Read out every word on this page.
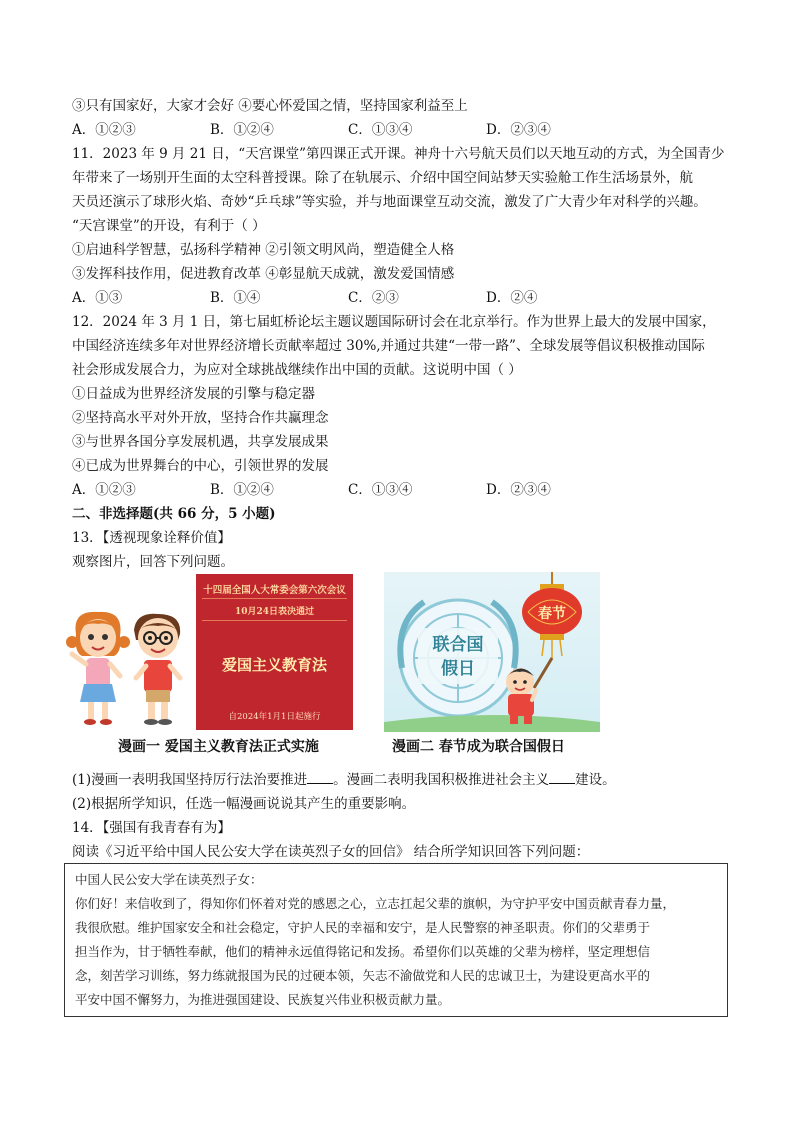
③只有国家好，大家才会好 ④要心怀爱国之情，坚持国家利益至上
A．①②③	B．①②④	C．①③④	D．②③④
11．2023 年 9 月 21 日，“天宫课堂”第四课正式开课。神舟十六号航天员们以天地互动的方式，为全国青少
年带来了一场别开生面的太空科普授课。除了在轨展示、介绍中国空间站梦天实验舱工作生活场景外，航
天员还演示了球形火焰、奇妙“乒乓球”等实验，并与地面课堂互动交流，激发了广大青少年对科学的兴趣。
“天宫课堂”的开设，有利于（ ）
①启迪科学智慧，弘扬科学精神 ②引领文明风尚，塑造健全人格
③发挥科技作用，促进教育改革 ④彰显航天成就，激发爱国情感
A．①③	B．①④	C．②③	D．②④
12．2024 年 3 月 1 日，第七届虹桥论坛主题议题国际研讨会在北京举行。作为世界上最大的发展中国家，
中国经济连续多年对世界经济增长贡献率超过 30%,并通过共建“一带一路”、全球发展等倡议积极推动国际
社会形成发展合力，为应对全球挑战继续作出中国的贡献。这说明中国（ ）
①日益成为世界经济发展的引擎与稳定器
②坚持高水平对外开放，坚持合作共赢理念
③与世界各国分享发展机遇，共享发展成果
④已成为世界舞台的中心，引领世界的发展
A．①②③	B．①②④	C．①③④	D．②③④
二、非选择题(共 66 分，5 小题)
13．【透视现象诠释价值】
观察图片，回答下列问题。
十四届全国人大常委会第六次会议
10月24日表决通过
爱国主义教育法
自2024年1月1日起施行
联合国
假日
春节
漫画一 爱国主义教育法正式实施	漫画二 春节成为联合国假日
(1)漫画一表明我国坚持厉行法治要推进 。漫画二表明我国积极推进社会主义 建设。
(2)根据所学知识，任选一幅漫画说说其产生的重要影响。
14．【强国有我青春有为】
阅读《习近平给中国人民公安大学在读英烈子女的回信》 结合所学知识回答下列问题：
中国人民公安大学在读英烈子女：
你们好！来信收到了，得知你们怀着对党的感恩之心，立志扛起父辈的旗帜，为守护平安中国贡献青春力量，
我很欣慰。维护国家安全和社会稳定，守护人民的幸福和安宁，是人民警察的神圣职责。你们的父辈勇于
担当作为，甘于牺牲奉献，他们的精神永远值得铭记和发扬。希望你们以英雄的父辈为榜样，坚定理想信
念，刻苦学习训练，努力练就报国为民的过硬本领，矢志不渝做党和人民的忠诚卫士，为建设更高水平的
平安中国不懈努力，为推进强国建设、民族复兴伟业积极贡献力量。
